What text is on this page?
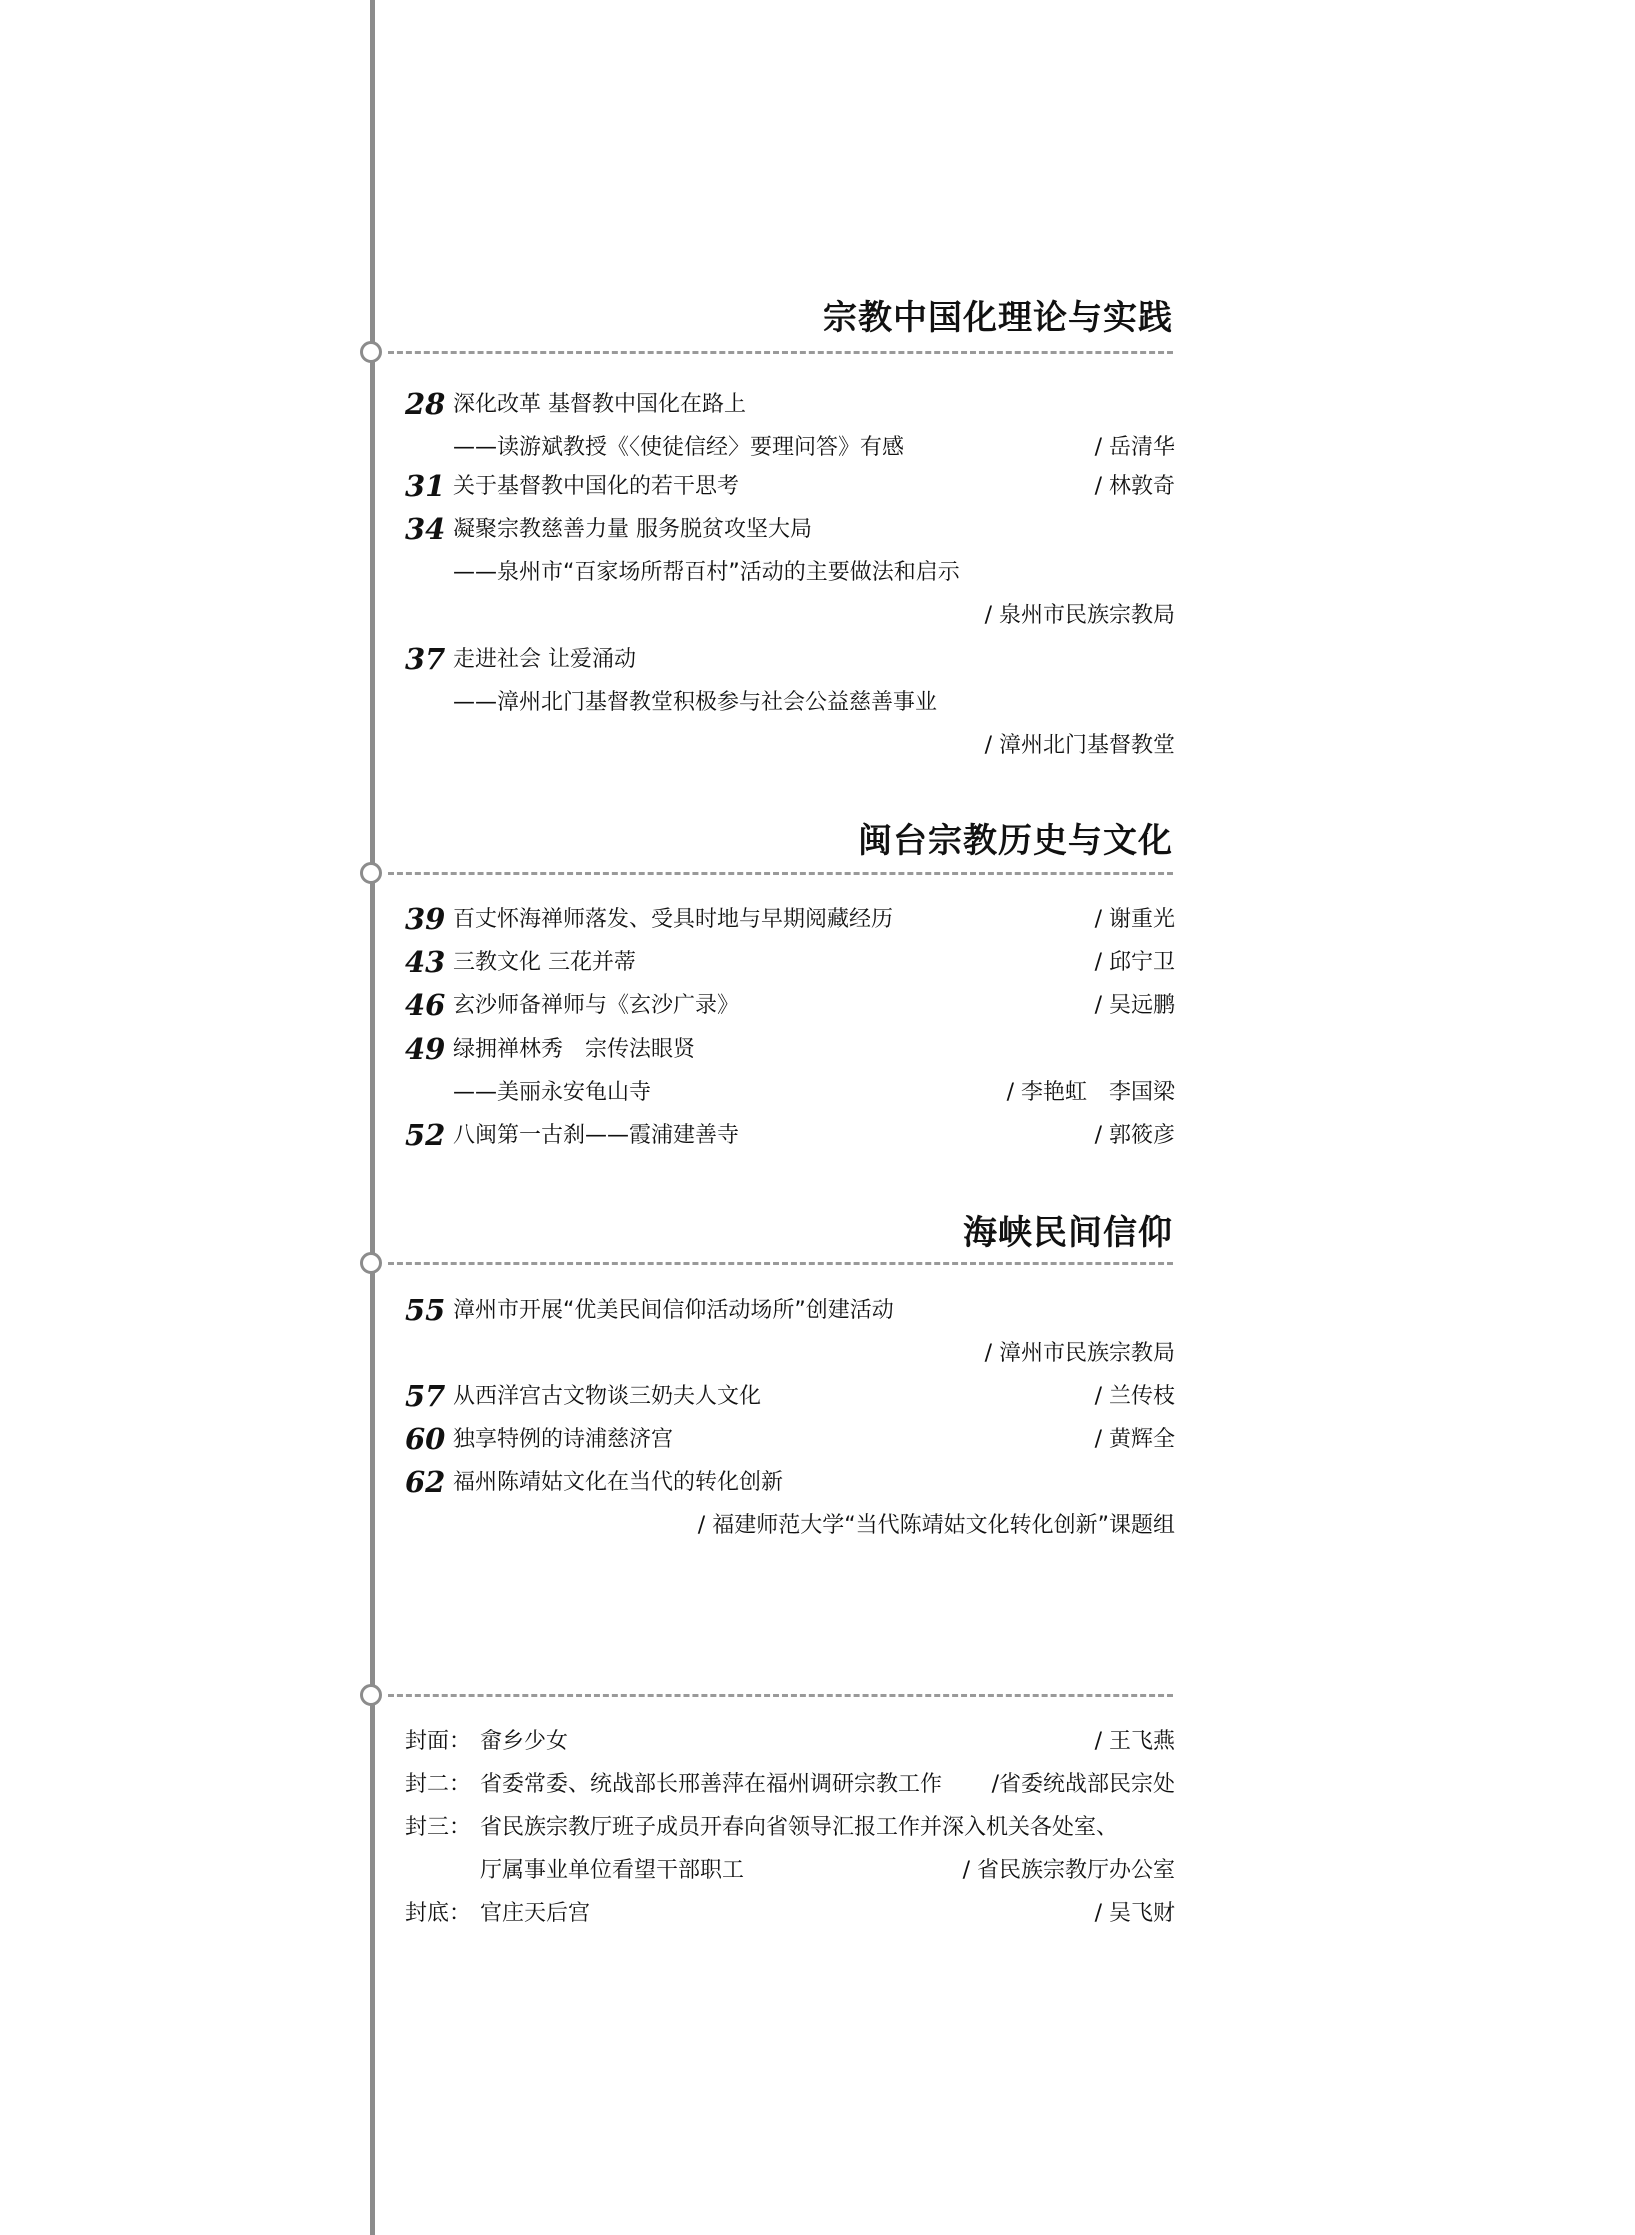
宗教中国化理论与实践
28 深化改革 基督教中国化在路上
——读游斌教授《〈使徒信经〉要理问答》有感	/ 岳清华
31 关于基督教中国化的若干思考	/ 林敦奇
34 凝聚宗教慈善力量 服务脱贫攻坚大局
——泉州市“百家场所帮百村”活动的主要做法和启示
/ 泉州市民族宗教局
37 走进社会 让爱涌动
——漳州北门基督教堂积极参与社会公益慈善事业
/ 漳州北门基督教堂
闽台宗教历史与文化
39 百丈怀海禅师落发、受具时地与早期阅藏经历	/ 谢重光
43 三教文化 三花并蒂	/ 邱宁卫
46 玄沙师备禅师与《玄沙广录》	/ 吴远鹏
49 绿拥禅林秀　宗传法眼贤
——美丽永安龟山寺	/ 李艳虹　李国梁
52 八闽第一古刹——霞浦建善寺	/ 郭筱彦
海峡民间信仰
55 漳州市开展“优美民间信仰活动场所”创建活动
/ 漳州市民族宗教局
57 从西洋宫古文物谈三奶夫人文化	/ 兰传枝
60 独享特例的诗浦慈济宫	/ 黄辉全
62 福州陈靖姑文化在当代的转化创新
/ 福建师范大学“当代陈靖姑文化转化创新”课题组
封面： 畲乡少女	/ 王飞燕
封二： 省委常委、统战部长邢善萍在福州调研宗教工作 /省委统战部民宗处
封三： 省民族宗教厅班子成员开春向省领导汇报工作并深入机关各处室、
厅属事业单位看望干部职工	/ 省民族宗教厅办公室
封底： 官庄天后宫	/ 吴飞财
